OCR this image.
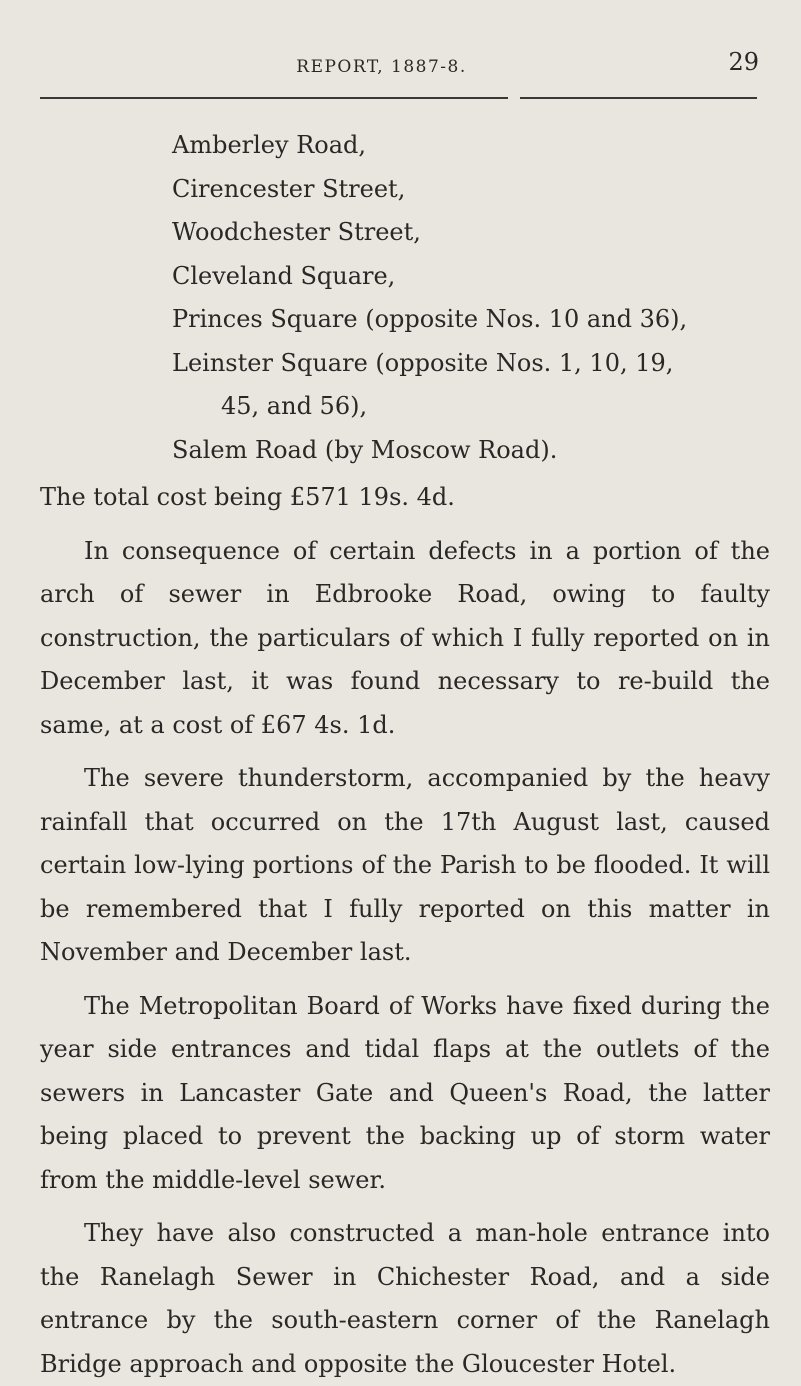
REPORT, 1887-8.	29
Amberley Road,
Cirencester Street,
Woodchester Street,
Cleveland Square,
Princes Square (opposite Nos. 10 and 36),
Leinster Square (opposite Nos. 1, 10, 19,
45, and 56),
Salem Road (by Moscow Road).

The total cost being £571 19s. 4d.

In consequence of certain defects in a portion of the arch of sewer in Edbrooke Road, owing to faulty construction, the particulars of which I fully reported on in December last, it was found necessary to re-build the same, at a cost of £67 4s. 1d.

The severe thunderstorm, accompanied by the heavy rainfall that occurred on the 17th August last, caused certain low-lying portions of the Parish to be flooded. It will be remembered that I fully reported on this matter in November and December last.

The Metropolitan Board of Works have fixed during the year side entrances and tidal flaps at the outlets of the sewers in Lancaster Gate and Queen's Road, the latter being placed to prevent the backing up of storm water from the middle-level sewer.

They have also constructed a man-hole entrance into the Ranelagh Sewer in Chichester Road, and a side entrance by the south-eastern corner of the Ranelagh Bridge approach and opposite the Gloucester Hotel.
